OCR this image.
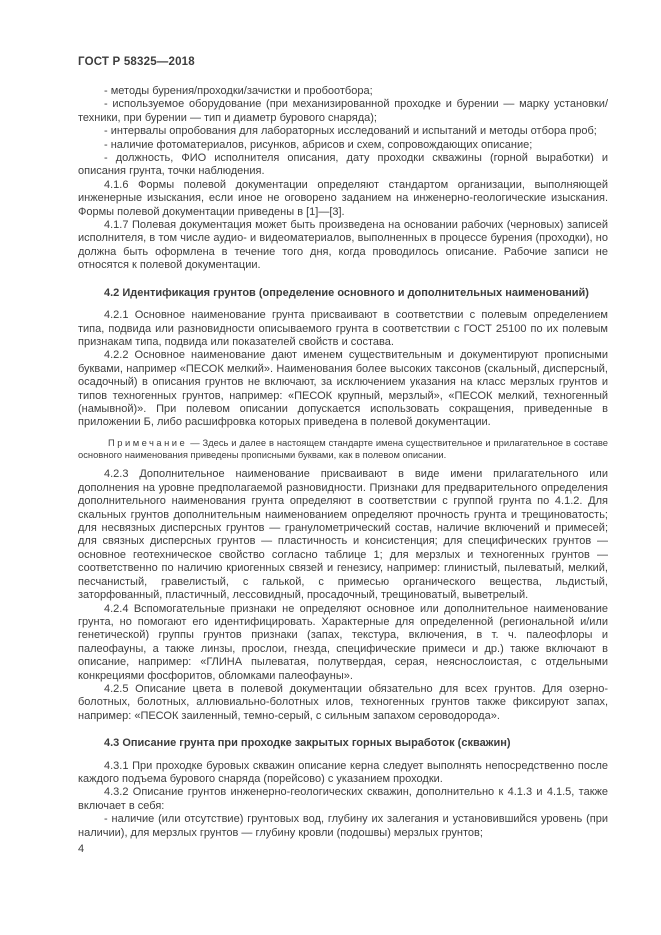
ГОСТ Р 58325—2018

- методы бурения/проходки/зачистки и пробоотбора;

- используемое оборудование (при механизированной проходке и бурении — марку установки/техники, при бурении — тип и диаметр бурового снаряда);

- интервалы опробования для лабораторных исследований и испытаний и методы отбора проб;

- наличие фотоматериалов, рисунков, абрисов и схем, сопровождающих описание;

- должность, ФИО исполнителя описания, дату проходки скважины (горной выработки) и описания грунта, точки наблюдения.

4.1.6 Формы полевой документации определяют стандартом организации, выполняющей инженерные изыскания, если иное не оговорено заданием на инженерно-геологические изыскания. Формы полевой документации приведены в [1]—[3].

4.1.7 Полевая документация может быть произведена на основании рабочих (черновых) записей исполнителя, в том числе аудио- и видеоматериалов, выполненных в процессе бурения (проходки), но должна быть оформлена в течение того дня, когда проводилось описание. Рабочие записи не относятся к полевой документации.

4.2 Идентификация грунтов (определение основного и дополнительных наименований)

4.2.1 Основное наименование грунта присваивают в соответствии с полевым определением типа, подвида или разновидности описываемого грунта в соответствии с ГОСТ 25100 по их полевым признакам типа, подвида или показателей свойств и состава.

4.2.2 Основное наименование дают именем существительным и документируют прописными буквами, например «ПЕСОК мелкий». Наименования более высоких таксонов (скальный, дисперсный, осадочный) в описания грунтов не включают, за исключением указания на класс мерзлых грунтов и типов техногенных грунтов, например: «ПЕСОК крупный, мерзлый», «ПЕСОК мелкий, техногенный (намывной)». При полевом описании допускается использовать сокращения, приведенные в приложении Б, либо расшифровка которых приведена в полевой документации.

Примечание — Здесь и далее в настоящем стандарте имена существительное и прилагательное в составе основного наименования приведены прописными буквами, как в полевом описании.

4.2.3 Дополнительное наименование присваивают в виде имени прилагательного или дополнения на уровне предполагаемой разновидности. Признаки для предварительного определения дополнительного наименования грунта определяют в соответствии с группой грунта по 4.1.2. Для скальных грунтов дополнительным наименованием определяют прочность грунта и трещиноватость; для несвязных дисперсных грунтов — гранулометрический состав, наличие включений и примесей; для связных дисперсных грунтов — пластичность и консистенция; для специфических грунтов — основное геотехническое свойство согласно таблице 1; для мерзлых и техногенных грунтов — соответственно по наличию криогенных связей и генезису, например: глинистый, пылеватый, мелкий, песчанистый, гравелистый, с галькой, с примесью органического вещества, льдистый, заторфованный, пластичный, лессовидный, просадочный, трещиноватый, выветрелый.

4.2.4 Вспомогательные признаки не определяют основное или дополнительное наименование грунта, но помогают его идентифицировать. Характерные для определенной (региональной и/или генетической) группы грунтов признаки (запах, текстура, включения, в т. ч. палеофлоры и палеофауны, а также линзы, прослои, гнезда, специфические примеси и др.) также включают в описание, например: «ГЛИНА пылеватая, полутвердая, серая, неяснослоистая, с отдельными конкрециями фосфоритов, обломками палеофауны».

4.2.5 Описание цвета в полевой документации обязательно для всех грунтов. Для озерно-болотных, болотных, аллювиально-болотных илов, техногенных грунтов также фиксируют запах, например: «ПЕСОК заиленный, темно-серый, с сильным запахом сероводорода».

4.3 Описание грунта при проходке закрытых горных выработок (скважин)

4.3.1 При проходке буровых скважин описание керна следует выполнять непосредственно после каждого подъема бурового снаряда (порейсово) с указанием проходки.

4.3.2 Описание грунтов инженерно-геологических скважин, дополнительно к 4.1.3 и 4.1.5, также включает в себя:

- наличие (или отсутствие) грунтовых вод, глубину их залегания и установившийся уровень (при наличии), для мерзлых грунтов — глубину кровли (подошвы) мерзлых грунтов;

4
